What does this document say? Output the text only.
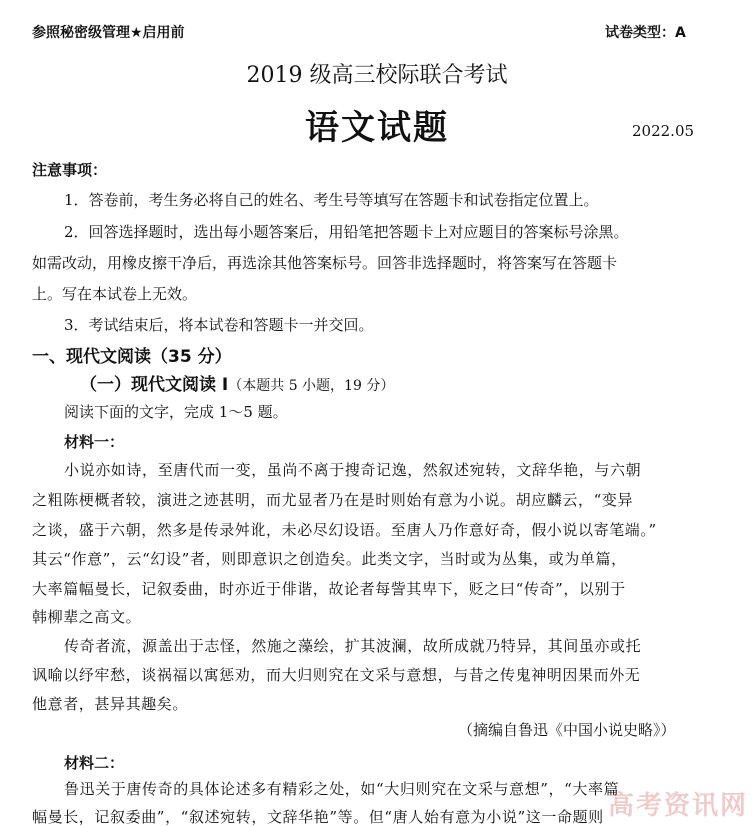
参照秘密级管理★启用前	试卷类型：A
2019 级高三校际联合考试
语文试题	2022.05
注意事项：
1．答卷前，考生务必将自己的姓名、考生号等填写在答题卡和试卷指定位置上。
2．回答选择题时，选出每小题答案后，用铅笔把答题卡上对应题目的答案标号涂黑。
如需改动，用橡皮擦干净后，再选涂其他答案标号。回答非选择题时，将答案写在答题卡
上。写在本试卷上无效。
3．考试结束后，将本试卷和答题卡一并交回。
一、现代文阅读（35 分）
（一）现代文阅读 I（本题共 5 小题，19 分）
阅读下面的文字，完成 1～5 题。
材料一：
小说亦如诗，至唐代而一变，虽尚不离于搜奇记逸，然叙述宛转，文辞华艳，与六朝
之粗陈梗概者较，演进之迹甚明，而尤显者乃在是时则始有意为小说。胡应麟云，“变异
之谈，盛于六朝，然多是传录舛讹，未必尽幻设语。至唐人乃作意好奇，假小说以寄笔端。”
其云“作意”，云“幻设”者，则即意识之创造矣。此类文字，当时或为丛集，或为单篇，
大率篇幅曼长，记叙委曲，时亦近于俳谐，故论者每訾其卑下，贬之曰“传奇”，以别于
韩柳辈之高文。
传奇者流，源盖出于志怪，然施之藻绘，扩其波澜，故所成就乃特异，其间虽亦或托
讽喻以纾牢愁，谈祸福以寓惩劝，而大归则究在文采与意想，与昔之传鬼神明因果而外无
他意者，甚异其趣矣。
（摘编自鲁迅《中国小说史略》）
材料二：
鲁迅关于唐传奇的具体论述多有精彩之处，如“大归则究在文采与意想”，“大率篇
幅曼长，记叙委曲”，“叙述宛转，文辞华艳”等。但“唐人始有意为小说”这一命题则 高考资讯网
